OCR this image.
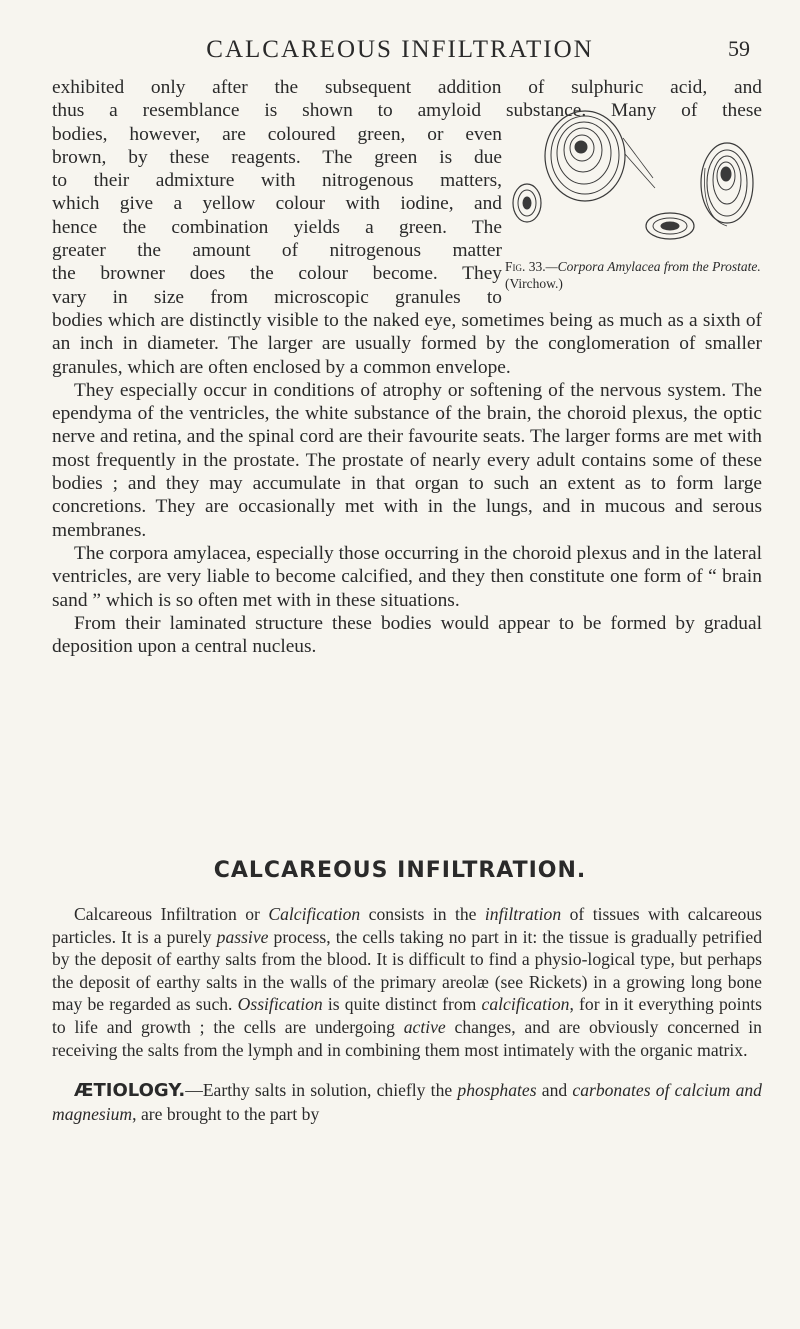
CALCAREOUS INFILTRATION	59
exhibited only after the subsequent addition of sulphuric acid, and
thus a resemblance is shown to amyloid substance. Many of these
bodies, however, are coloured green, or even
brown, by these reagents. The green is due
to their admixture with nitrogenous matters,
which give a yellow colour with iodine, and
hence the combination yields a green. The
greater the amount of nitrogenous matter
the browner does the colour become. They
vary in size from microscopic granules to

bodies which are distinctly visible to the naked eye, sometimes being as much as a sixth of an inch in diameter. The larger are usually formed by the conglomeration of smaller granules, which are often enclosed by a common envelope.

They especially occur in conditions of atrophy or softening of the nervous system. The ependyma of the ventricles, the white substance of the brain, the choroid plexus, the optic nerve and retina, and the spinal cord are their favourite seats. The larger forms are met with most frequently in the prostate. The prostate of nearly every adult contains some of these bodies ; and they may accumulate in that organ to such an extent as to form large concretions. They are occasionally met with in the lungs, and in mucous and serous membranes.

The corpora amylacea, especially those occurring in the choroid plexus and in the lateral ventricles, are very liable to become calcified, and they then constitute one form of “ brain sand ” which is so often met with in these situations.

From their laminated structure these bodies would appear to be formed by gradual deposition upon a central nucleus.

Fig. 33.—Corpora Amylacea from the Prostate. (Virchow.)
CALCAREOUS INFILTRATION.

Calcareous Infiltration or Calcification consists in the infiltration of tissues with calcareous particles. It is a purely passive process, the cells taking no part in it: the tissue is gradually petrified by the deposit of earthy salts from the blood. It is difficult to find a physio-logical type, but perhaps the deposit of earthy salts in the walls of the primary areolæ (see Rickets) in a growing long bone may be regarded as such. Ossification is quite distinct from calcification, for in it everything points to life and growth ; the cells are undergoing active changes, and are obviously concerned in receiving the salts from the lymph and in combining them most intimately with the organic matrix.

ÆTIOLOGY.—Earthy salts in solution, chiefly the phosphates and carbonates of calcium and magnesium, are brought to the part by
